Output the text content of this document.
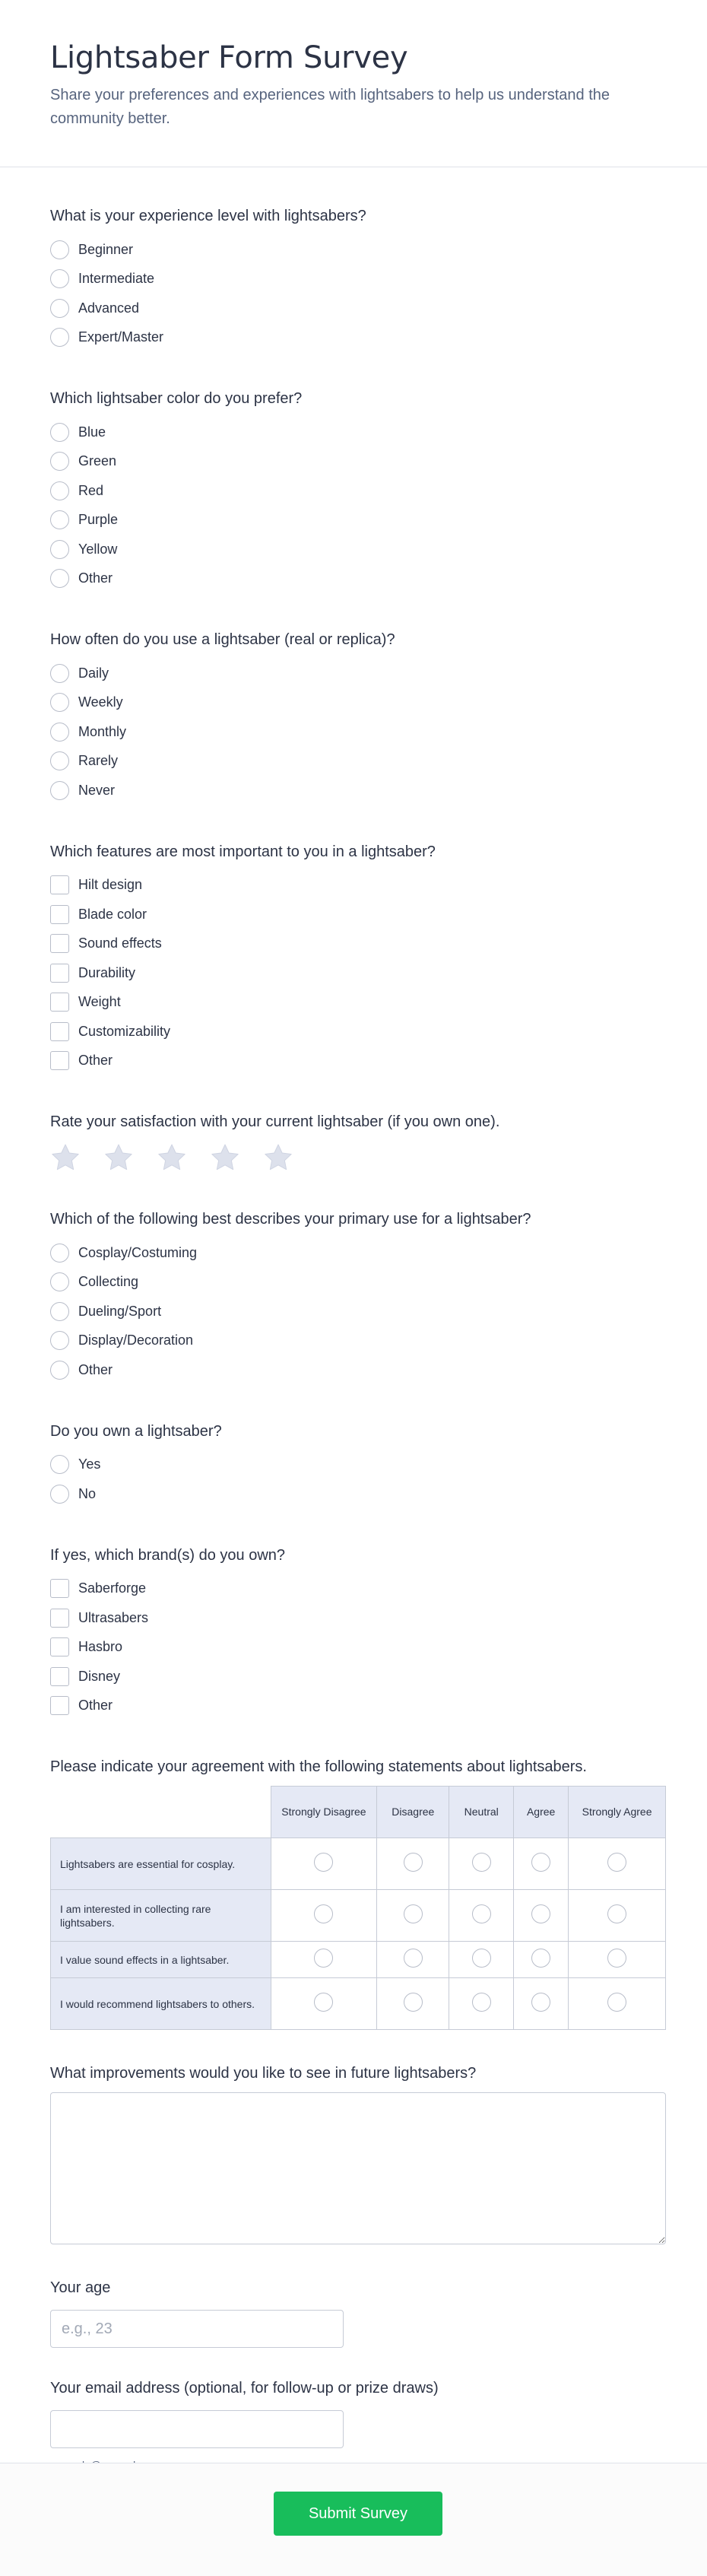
Lightsaber Form Survey

Share your preferences and experiences with lightsabers to help us understand the community better.

What is your experience level with lightsabers?
Beginner
Intermediate
Advanced
Expert/Master
Which lightsaber color do you prefer?
Blue
Green
Red
Purple
Yellow
Other
How often do you use a lightsaber (real or replica)?
Daily
Weekly
Monthly
Rarely
Never
Which features are most important to you in a lightsaber?
Hilt design
Blade color
Sound effects
Durability
Weight
Customizability
Other
Rate your satisfaction with your current lightsaber (if you own one).
Which of the following best describes your primary use for a lightsaber?
Cosplay/Costuming
Collecting
Dueling/Sport
Display/Decoration
Other
Do you own a lightsaber?
Yes
No
If yes, which brand(s) do you own?
Saberforge
Ultrasabers
Hasbro
Disney
Other
Please indicate your agreement with the following statements about lightsabers.
	Strongly Disagree	Disagree	Neutral	Agree	Strongly Agree
Lightsabers are essential for cosplay.					
I am interested in collecting rare lightsabers.					
I value sound effects in a lightsaber.					
I would recommend lightsabers to others.					
What improvements would you like to see in future lightsabers?
Your age
e.g., 23
Your email address (optional, for follow-up or prize draws)
Submit Survey
